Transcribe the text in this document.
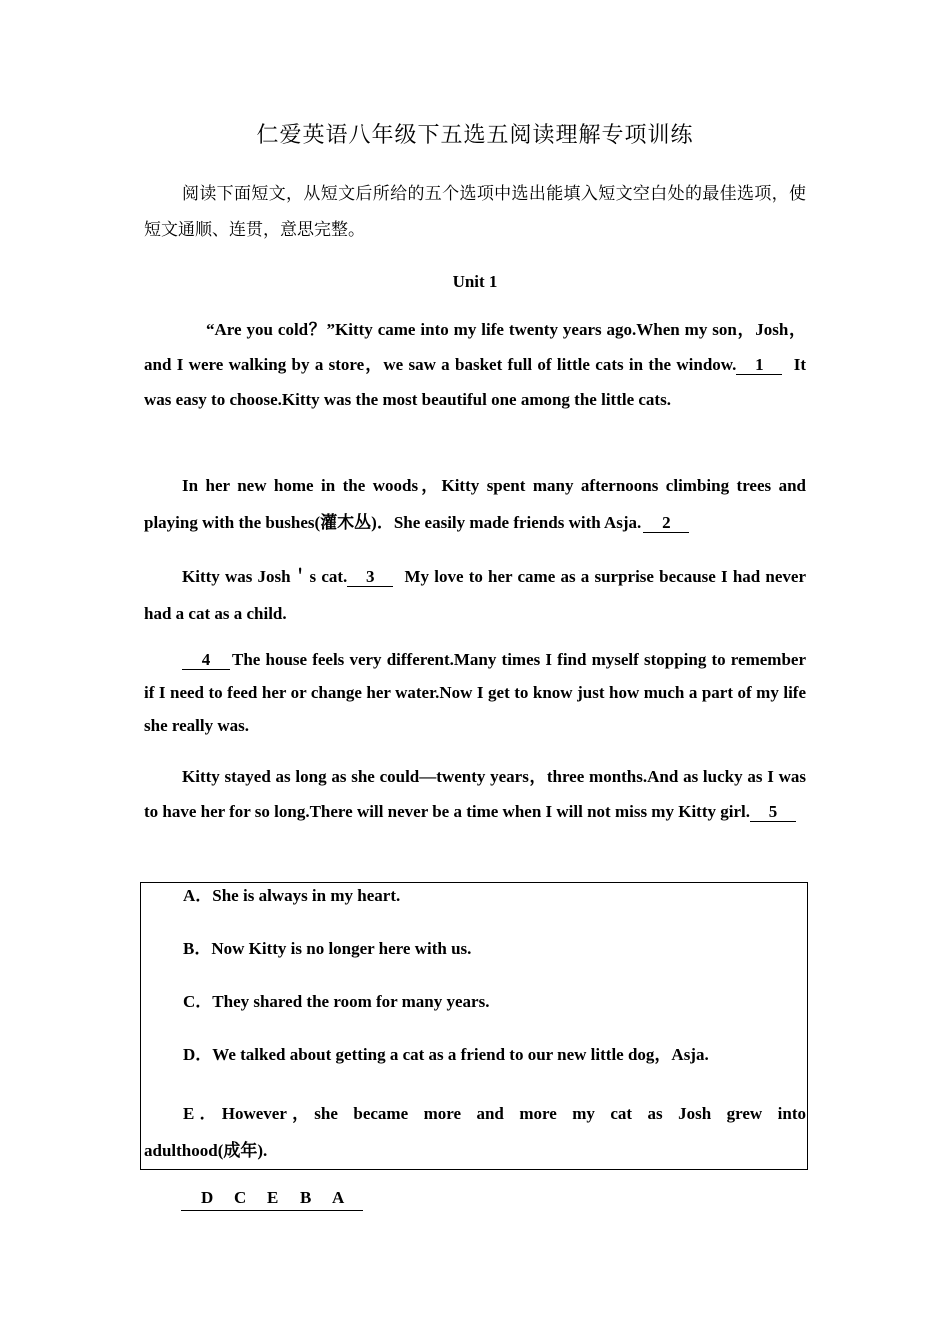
仁爱英语八年级下五选五阅读理解专项训练
阅读下面短文，从短文后所给的五个选项中选出能填入短文空白处的最佳选项，使短文通顺、连贯，意思完整。
Unit 1

“Are you cold？”Kitty came into my life twenty years ago.When my son，Josh，and I were walking by a store，we saw a basket full of little cats in the window. 1 It was easy to choose.Kitty was the most beautiful one among the little cats.

In her new home in the woods，Kitty spent many afternoons climbing trees and playing with the bushes(灌木丛)．She easily made friends with Asja. 2

Kitty was Josh＇s cat. 3 My love to her came as a surprise because I had never had a cat as a child.

4 The house feels very different.Many times I find myself stopping to remember if I need to feed her or change her water.Now I get to know just how much a part of my life she really was.

Kitty stayed as long as she could—twenty years，three months.And as lucky as I was to have her for so long.There will never be a time when I will not miss my Kitty girl. 5

A．She is always in my heart.

B．Now Kitty is no longer here with us.

C．They shared the room for many years.

D．We talked about getting a cat as a friend to our new little dog，Asja.

E．However，she became more and more my cat as Josh grew into adulthood(成年).

D C E B A
